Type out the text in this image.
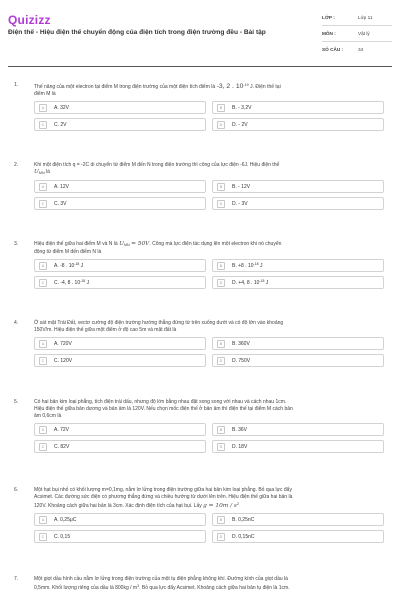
Quizizz
Điện thế - Hiệu điện thế chuyển động của điện tích trong điện trường đều - Bài tập
LỚP :	Lớp 11
MÔN :	Vật lý
SỐ CÂU :	34
1.	Thế năng của một electron tại điểm M trong điện trường của một điện tích điểm là -3, 2 . $10^{-19}$ J. Điện thế tại
điểm M là
A	A. 32V	B	B. - 3,2V
C	C. 2V	D	D. - 2V
2.	Khi một điện tích q = -2C di chuyển từ điểm M đến N trong điện trường thì công của lực điện -6J. Hiệu điện thế
$U_{MN}$ là
A	A. 12V	B	B. - 12V
C	C. 3V	D	D. - 3V
3.	Hiệu điện thế giữa hai điểm M và N là $U_{MN} = 50V$. Công mà lực điện tác dụng lên một electron khi nó chuyển
động từ điểm M đến điểm N là
A	A. -8 . $10^{-18}$ J	B	B. +8 . $10^{-18}$ J
C	C. -4, 8 . $10^{-18}$ J	D	D. +4, 8 . $10^{-18}$ J
4.	Ở sát mặt Trái Đất, vectơ cường độ điện trường hướng thẳng đứng từ trên xuống dưới và có độ lớn vào khoảng
150V/m. Hiệu điện thế giữa một điểm ở độ cao 5m và mặt đất là
A	A. 720V	B	B. 360V
C	C. 120V	D	D. 750V
5.	Có hai bản kim loại phẳng, tích điện trái dấu, nhưng độ lớn bằng nhau đặt song song với nhau và cách nhau 1cm.
Hiệu điện thế giữa bản dương và bản âm là 120V. Nếu chọn mốc điện thế ở bản âm thì điện thế tại điểm M cách bản
âm 0,6cm là
A	A. 72V	B	B. 36V
C	C. 82V	D	D. 18V
6.	Một hạt bụi nhỏ có khối lượng m=0,1mg, nằm lơ lửng trong điện trường giữa hai bản kim loại phẳng. Bỏ qua lực đẩy
Acsimet. Các đường sức điện có phương thẳng đứng và chiều hướng từ dưới lên trên. Hiệu điện thế giữa hai bản là
120V. Khoảng cách giữa hai bản là 3cm. Xác định điện tích của hạt bụi. Lấy $g = 10m / s^2$
A	A. 0,25μC	B	B. 0,25nC
C	C. 0,15	D	D. 0,15nC
7.	Một giọt dầu hình cầu nằm lơ lửng trong điện trường của một tụ điện phẳng không khí. Đường kính của giọt dầu là
0,5mm. Khối lượng riêng của dầu là $800kg / m^3$. Bỏ qua lực đẩy Acsimet. Khoảng cách giữa hai bản tụ điện là 1cm.
